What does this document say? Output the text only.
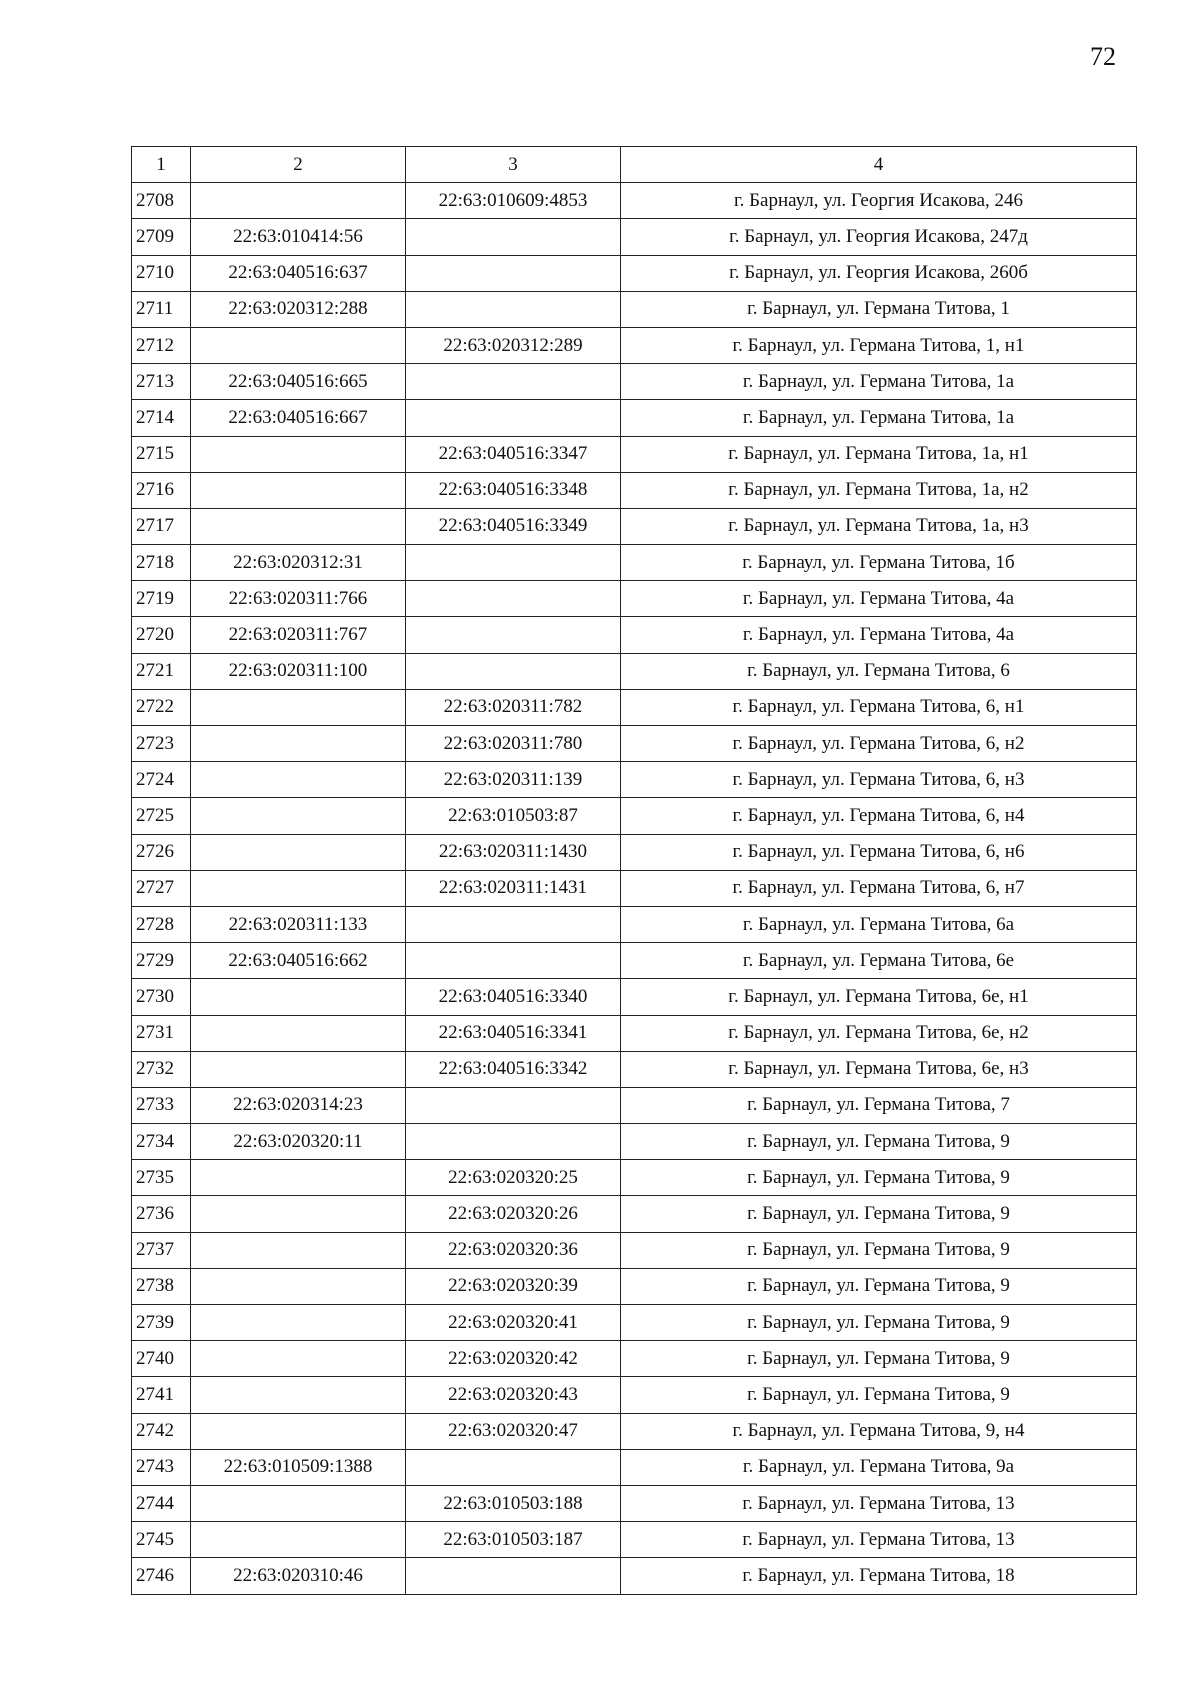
72
1	2	3	4
2708		22:63:010609:4853	г. Барнаул, ул. Георгия Исакова, 246
2709	22:63:010414:56		г. Барнаул, ул. Георгия Исакова, 247д
2710	22:63:040516:637		г. Барнаул, ул. Георгия Исакова, 260б
2711	22:63:020312:288		г. Барнаул, ул. Германа Титова, 1
2712		22:63:020312:289	г. Барнаул, ул. Германа Титова, 1, н1
2713	22:63:040516:665		г. Барнаул, ул. Германа Титова, 1а
2714	22:63:040516:667		г. Барнаул, ул. Германа Титова, 1а
2715		22:63:040516:3347	г. Барнаул, ул. Германа Титова, 1а, н1
2716		22:63:040516:3348	г. Барнаул, ул. Германа Титова, 1а, н2
2717		22:63:040516:3349	г. Барнаул, ул. Германа Титова, 1а, н3
2718	22:63:020312:31		г. Барнаул, ул. Германа Титова, 1б
2719	22:63:020311:766		г. Барнаул, ул. Германа Титова, 4а
2720	22:63:020311:767		г. Барнаул, ул. Германа Титова, 4а
2721	22:63:020311:100		г. Барнаул, ул. Германа Титова, 6
2722		22:63:020311:782	г. Барнаул, ул. Германа Титова, 6, н1
2723		22:63:020311:780	г. Барнаул, ул. Германа Титова, 6, н2
2724		22:63:020311:139	г. Барнаул, ул. Германа Титова, 6, н3
2725		22:63:010503:87	г. Барнаул, ул. Германа Титова, 6, н4
2726		22:63:020311:1430	г. Барнаул, ул. Германа Титова, 6, н6
2727		22:63:020311:1431	г. Барнаул, ул. Германа Титова, 6, н7
2728	22:63:020311:133		г. Барнаул, ул. Германа Титова, 6а
2729	22:63:040516:662		г. Барнаул, ул. Германа Титова, 6е
2730		22:63:040516:3340	г. Барнаул, ул. Германа Титова, 6е, н1
2731		22:63:040516:3341	г. Барнаул, ул. Германа Титова, 6е, н2
2732		22:63:040516:3342	г. Барнаул, ул. Германа Титова, 6е, н3
2733	22:63:020314:23		г. Барнаул, ул. Германа Титова, 7
2734	22:63:020320:11		г. Барнаул, ул. Германа Титова, 9
2735		22:63:020320:25	г. Барнаул, ул. Германа Титова, 9
2736		22:63:020320:26	г. Барнаул, ул. Германа Титова, 9
2737		22:63:020320:36	г. Барнаул, ул. Германа Титова, 9
2738		22:63:020320:39	г. Барнаул, ул. Германа Титова, 9
2739		22:63:020320:41	г. Барнаул, ул. Германа Титова, 9
2740		22:63:020320:42	г. Барнаул, ул. Германа Титова, 9
2741		22:63:020320:43	г. Барнаул, ул. Германа Титова, 9
2742		22:63:020320:47	г. Барнаул, ул. Германа Титова, 9, н4
2743	22:63:010509:1388		г. Барнаул, ул. Германа Титова, 9а
2744		22:63:010503:188	г. Барнаул, ул. Германа Титова, 13
2745		22:63:010503:187	г. Барнаул, ул. Германа Титова, 13
2746	22:63:020310:46		г. Барнаул, ул. Германа Титова, 18
